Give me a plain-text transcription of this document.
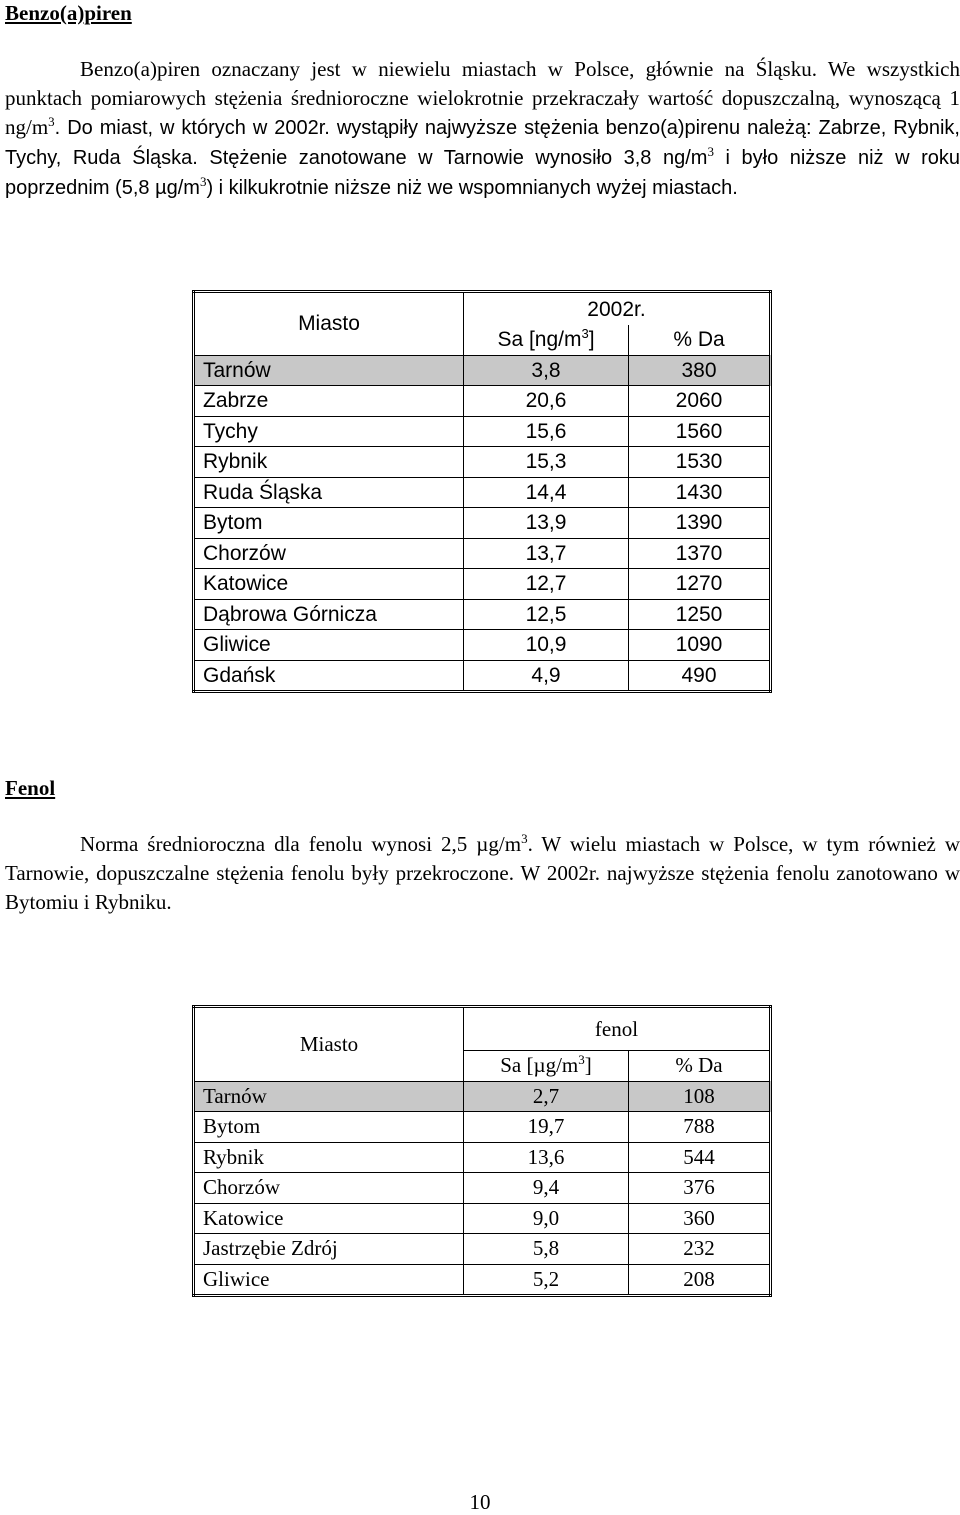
Benzo(a)piren

Benzo(a)piren oznaczany jest w niewielu miastach w Polsce, głównie na Śląsku. We wszystkich punktach pomiarowych stężenia średnioroczne wielokrotnie przekraczały wartość dopuszczalną, wynoszącą 1 $ng/m^3$. Do miast, w których w 2002r. wystąpiły najwyższe stężenia benzo(a)pirenu należą: Zabrze, Rybnik, Tychy, Ruda Śląska. Stężenie zanotowane w Tarnowie wynosiło 3,8 $ng/m^3$ i było niższe niż w roku poprzednim (5,8 $\mu g/m^3$) i kilkukrotnie niższe niż we wspomnianych wyżej miastach.

Miasto	2002r.	
	Sa $[ng/m^3]$	% Da
Tarnów	3,8	380
Zabrze	20,6	2060
Tychy	15,6	1560
Rybnik	15,3	1530
Ruda Śląska	14,4	1430
Bytom	13,9	1390
Chorzów	13,7	1370
Katowice	12,7	1270
Dąbrowa Górnicza	12,5	1250
Gliwice	10,9	1090
Gdańsk	4,9	490
Fenol

Norma średnioroczna dla fenolu wynosi 2,5 $\mu g/m^3$. W wielu miastach w Polsce, w tym również w Tarnowie, dopuszczalne stężenia fenolu były przekroczone. W 2002r. najwyższe stężenia fenolu zanotowano w Bytomiu i Rybniku.

Miasto	fenol	
	Sa $[\mu g/m^3]$	% Da
Tarnów	2,7	108
Bytom	19,7	788
Rybnik	13,6	544
Chorzów	9,4	376
Katowice	9,0	360
Jastrzębie Zdrój	5,8	232
Gliwice	5,2	208
10
